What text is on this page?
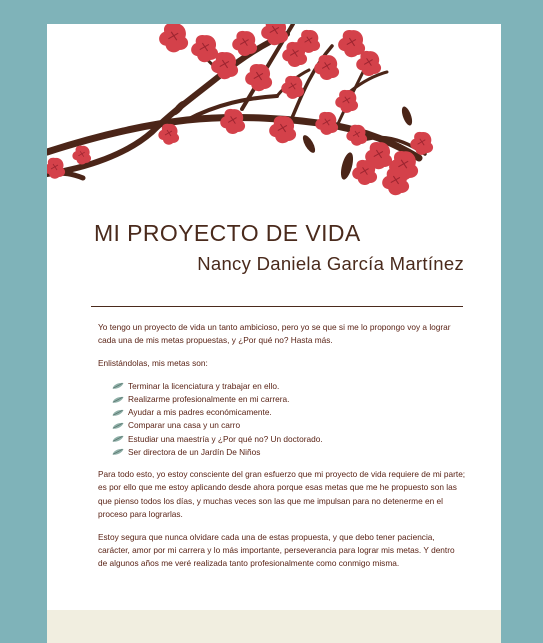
MI PROYECTO DE VIDA
Nancy Daniela García Martínez

Yo tengo un proyecto de vida un tanto ambicioso, pero yo se que si me lo propongo voy a lograr cada una de mis metas propuestas, y ¿Por qué no? Hasta más.

Enlistándolas, mis metas son:

Terminar la licenciatura y trabajar en ello.
Realizarme profesionalmente en mi carrera.
Ayudar a mis padres económicamente.
Comparar una casa y un carro
Estudiar una maestría y ¿Por qué no? Un doctorado.
Ser directora de un Jardín De Niños

Para todo esto, yo estoy consciente del gran esfuerzo que mi proyecto de vida requiere de mi parte; es por ello que me estoy aplicando desde ahora porque esas metas que me he propuesto son las que pienso todos los días, y muchas veces son las que me impulsan para no detenerme en el proceso para lograrlas.

Estoy segura que nunca olvidare cada una de estas propuesta, y que debo tener paciencia, carácter, amor por mi carrera y lo más importante, perseverancia para lograr mis metas. Y dentro de algunos años me veré realizada tanto profesionalmente como conmigo misma.
